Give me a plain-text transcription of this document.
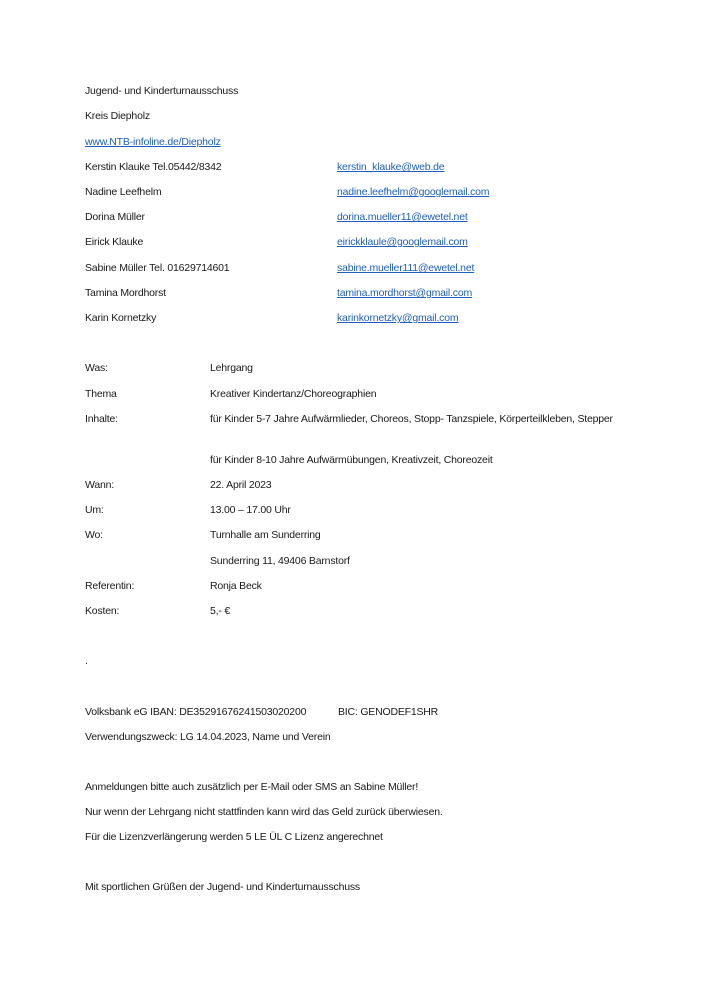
Jugend- und Kinderturnausschuss
Kreis Diepholz
www.NTB-infoline.de/Diepholz
Kerstin Klauke Tel.05442/8342	kerstin_klauke@web.de
Nadine Leefhelm	nadine.leefhelm@googlemail.com
Dorina Müller	dorina.mueller11@ewetel.net
Eirick Klauke	eirickklaule@googlemail.com
Sabine Müller Tel. 01629714601	sabine.mueller111@ewetel.net
Tamina Mordhorst	tamina.mordhorst@gmail.com
Karin Kornetzky	karinkornetzky@gmail.com
Was:	Lehrgang
Thema	Kreativer Kindertanz/Choreographien
Inhalte:	für Kinder 5-7 Jahre Aufwärmlieder, Choreos, Stopp- Tanzspiele, Körperteilkleben, Stepper
für Kinder 8-10 Jahre Aufwärmübungen, Kreativzeit, Choreozeit
Wann:	22. April 2023
Um:	13.00 – 17.00 Uhr
Wo:	Turnhalle am Sunderring
Sunderring 11, 49406 Barnstorf
Referentin:	Ronja Beck
Kosten:	5,- €
.
Volksbank eG IBAN: DE35291676241503020200	BIC: GENODEF1SHR
Verwendungszweck: LG 14.04.2023, Name und Verein
Anmeldungen bitte auch zusätzlich per E-Mail oder SMS an Sabine Müller!
Nur wenn der Lehrgang nicht stattfinden kann wird das Geld zurück überwiesen.
Für die Lizenzverlängerung werden 5 LE ÜL C Lizenz angerechnet
Mit sportlichen Grüßen der Jugend- und Kinderturnausschuss
